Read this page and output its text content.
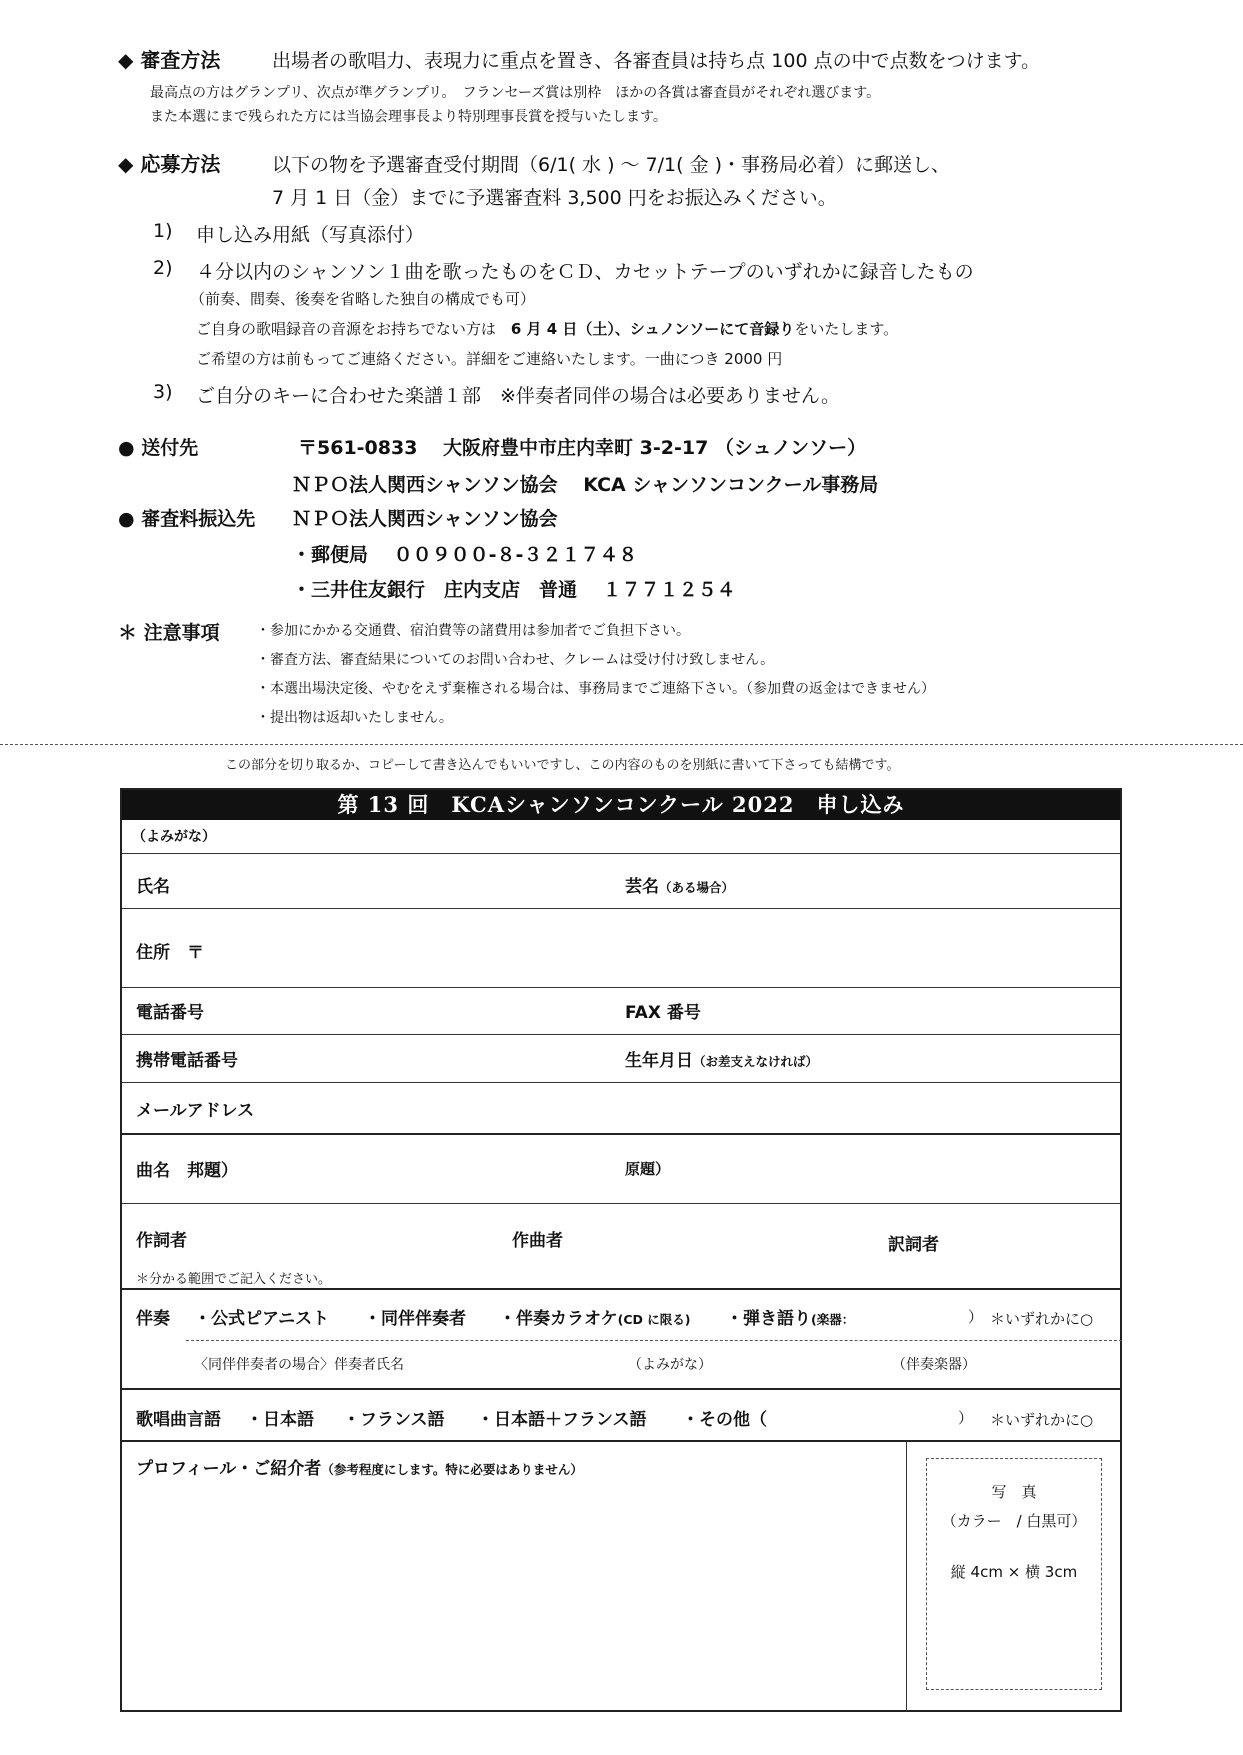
◆ 審査方法	出場者の歌唱力、表現力に重点を置き、各審査員は持ち点 100 点の中で点数をつけます。
最高点の方はグランプリ、次点が準グランプリ。　フランセーズ賞は別枠　ほかの各賞は審査員がそれぞれ選びます。
また本選にまで残られた方には当協会理事長より特別理事長賞を授与いたします。
◆ 応募方法	以下の物を予選審査受付期間（6/1( 水 ) 〜 7/1( 金 )・事務局必着）に郵送し、
7 月 1 日（金）までに予選審査料 3,500 円をお振込みください。
1) 申し込み用紙（写真添付）
2) ４分以内のシャンソン１曲を歌ったものをＣＤ、カセットテープのいずれかに録音したもの
（前奏、間奏、後奏を省略した独自の構成でも可）
ご自身の歌唱録音の音源をお持ちでない方は　6 月 4 日（土）、シュノンソーにて音録りをいたします。
ご希望の方は前もってご連絡ください。詳細をご連絡いたします。一曲につき 2000 円
3) ご自分のキーに合わせた楽譜１部　※伴奏者同伴の場合は必要ありません。
● 送付先	〒561-0833　 大阪府豊中市庄内幸町 3-2-17 （シュノンソー）
ＮＰＯ法人関西シャンソン協会　 KCA シャンソンコンクール事務局
● 審査料振込先 ＮＰＯ法人関西シャンソン協会
・郵便局　 ００９００-８-３２１７４８
・三井住友銀行　庄内支店　普通　 １７７１２５４
＊ 注意事項	・参加にかかる交通費、宿泊費等の諸費用は参加者でご負担下さい。
・審査方法、審査結果についてのお問い合わせ、クレームは受け付け致しません。
・本選出場決定後、やむをえず棄権される場合は、事務局までご連絡下さい。（参加費の返金はできません）
・提出物は返却いたしません。
この部分を切り取るか、コピーして書き込んでもいいですし、この内容のものを別紙に書いて下さっても結構です。
第 13 回　KCAシャンソンコンクール 2022　申し込み
（よみがな）
氏名	芸名（ある場合）
住所　〒
電話番号	FAX 番号
携帯電話番号	生年月日（お差支えなければ）
メールアドレス
曲名　邦題）	原題）
作詞者	作曲者	訳詞者
＊分かる範囲でご記入ください。
伴奏 ・公式ピアニスト ・同伴伴奏者 ・伴奏カラオケ(CD に限る) ・弾き語り(楽器：	） ＊いずれかに○
〈同伴伴奏者の場合〉伴奏者氏名	（よみがな）	（伴奏楽器）
歌唱曲言語 ・日本語 ・フランス語 ・日本語＋フランス語 ・その他（	） ＊いずれかに○
プロフィール・ご紹介者（参考程度にします。特に必要はありません）
写　真
（カラー　/ 白黒可）
縦 4cm × 横 3cm
